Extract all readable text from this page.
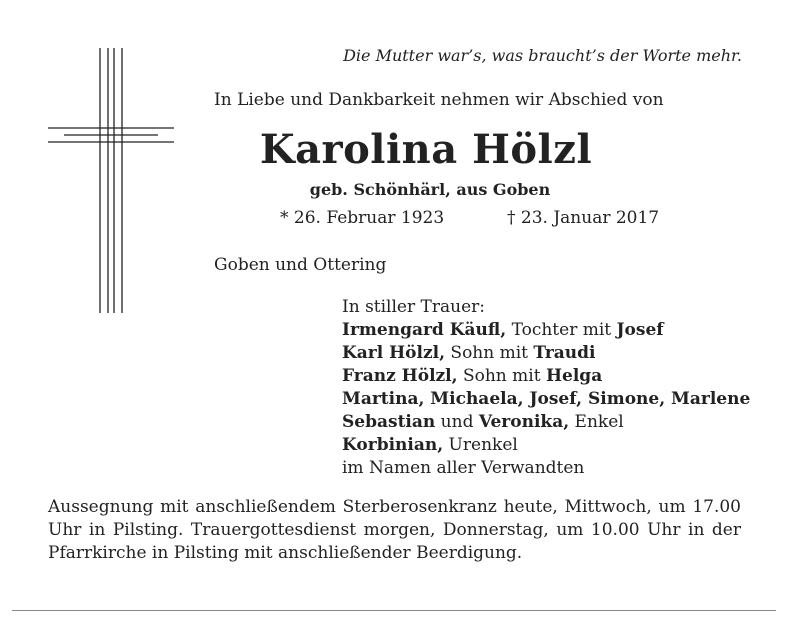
Die Mutter war’s, was braucht’s der Worte mehr.

In Liebe und Dankbarkeit nehmen wir Abschied von

Karolina Hölzl

geb. Schönhärl, aus Goben

* 26. Februar 1923	† 23. Januar 2017

Goben und Ottering

In stiller Trauer:
Irmengard Käufl, Tochter mit Josef
Karl Hölzl, Sohn mit Traudi
Franz Hölzl, Sohn mit Helga
Martina, Michaela, Josef, Simone, Marlene
Sebastian und Veronika, Enkel
Korbinian, Urenkel
im Namen aller Verwandten

Aussegnung mit anschließendem Sterberosenkranz heute, Mittwoch, um 17.00 Uhr in Pilsting. Trauergottesdienst morgen, Donnerstag, um 10.00 Uhr in der Pfarrkirche in Pilsting mit anschließender Beerdigung.
